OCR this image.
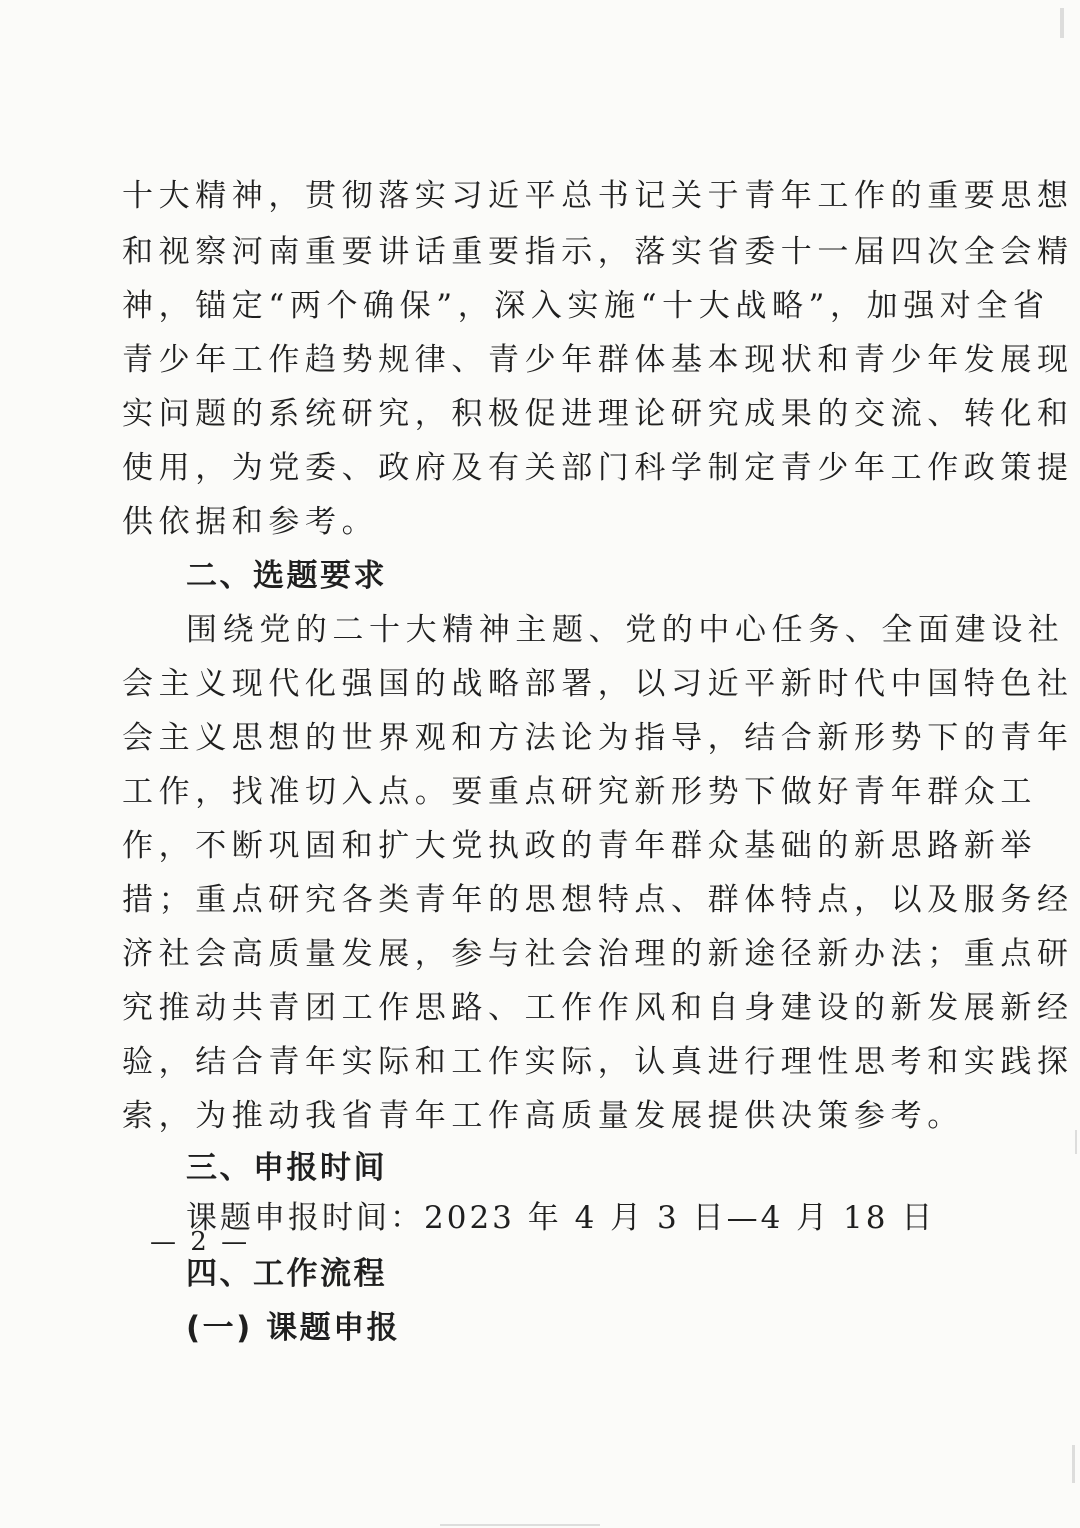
十大精神，贯彻落实习近平总书记关于青年工作的重要思想
和视察河南重要讲话重要指示，落实省委十一届四次全会精
神，锚定“两个确保”，深入实施“十大战略”，加强对全省
青少年工作趋势规律、青少年群体基本现状和青少年发展现
实问题的系统研究，积极促进理论研究成果的交流、转化和
使用，为党委、政府及有关部门科学制定青少年工作政策提
供依据和参考。
二、选题要求
围绕党的二十大精神主题、党的中心任务、全面建设社
会主义现代化强国的战略部署，以习近平新时代中国特色社
会主义思想的世界观和方法论为指导，结合新形势下的青年
工作，找准切入点。要重点研究新形势下做好青年群众工
作，不断巩固和扩大党执政的青年群众基础的新思路新举
措；重点研究各类青年的思想特点、群体特点，以及服务经
济社会高质量发展，参与社会治理的新途径新办法；重点研
究推动共青团工作思路、工作作风和自身建设的新发展新经
验，结合青年实际和工作实际，认真进行理性思考和实践探
索，为推动我省青年工作高质量发展提供决策参考。
三、申报时间
课题申报时间：2023 年 4 月 3 日—4 月 18 日
四、工作流程
(一) 课题申报
— 2 —
